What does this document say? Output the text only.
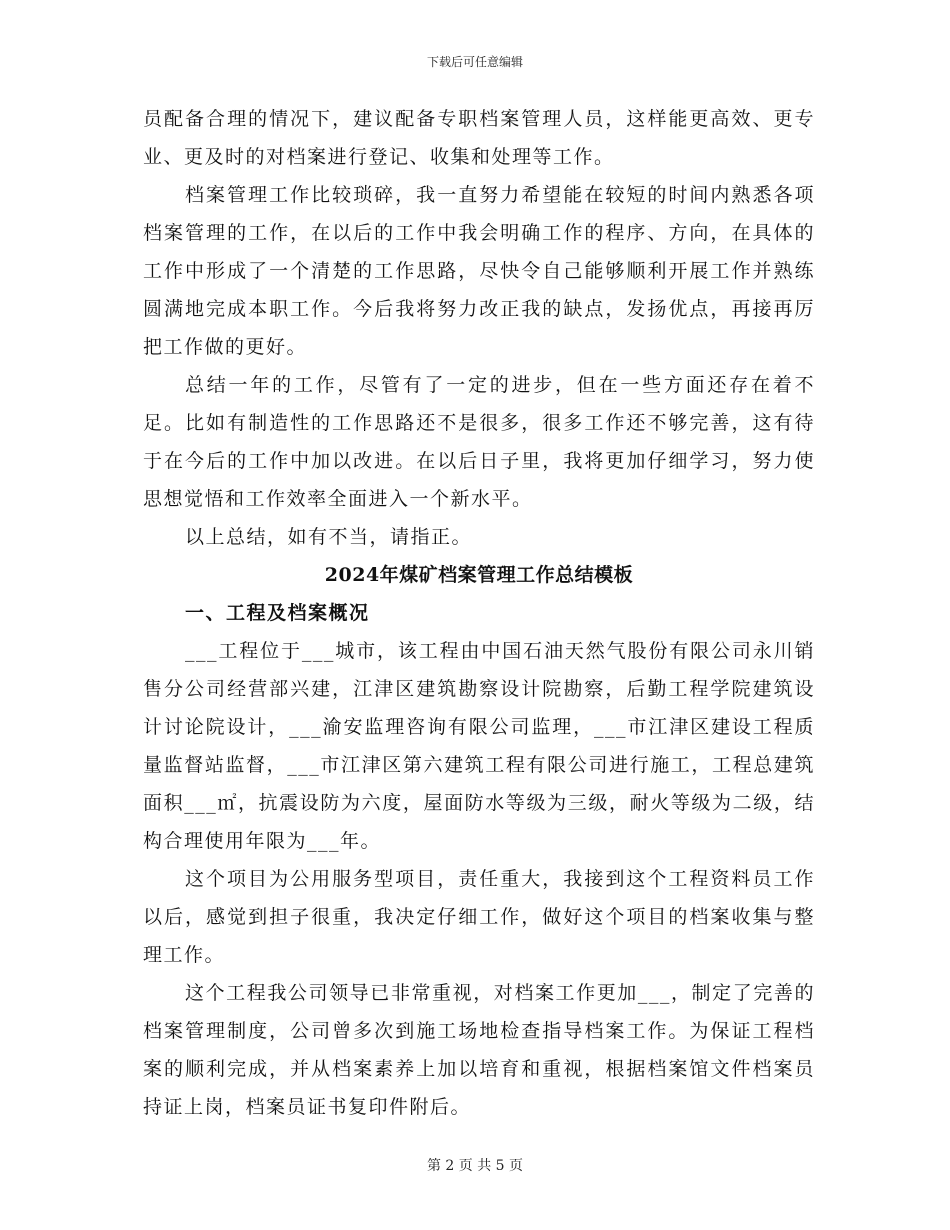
下载后可任意编辑

员配备合理的情况下，建议配备专职档案管理人员，这样能更高效、更专业、更及时的对档案进行登记、收集和处理等工作。

档案管理工作比较琐碎，我一直努力希望能在较短的时间内熟悉各项档案管理的工作，在以后的工作中我会明确工作的程序、方向，在具体的工作中形成了一个清楚的工作思路，尽快令自己能够顺利开展工作并熟练圆满地完成本职工作。今后我将努力改正我的缺点，发扬优点，再接再厉把工作做的更好。

总结一年的工作，尽管有了一定的进步，但在一些方面还存在着不足。比如有制造性的工作思路还不是很多，很多工作还不够完善，这有待于在今后的工作中加以改进。在以后日子里，我将更加仔细学习，努力使思想觉悟和工作效率全面进入一个新水平。

以上总结，如有不当，请指正。

2024年煤矿档案管理工作总结模板
一、工程及档案概况

___工程位于___城市，该工程由中国石油天然气股份有限公司永川销售分公司经营部兴建，江津区建筑勘察设计院勘察，后勤工程学院建筑设计讨论院设计，___渝安监理咨询有限公司监理，___市江津区建设工程质量监督站监督，___市江津区第六建筑工程有限公司进行施工，工程总建筑面积___㎡，抗震设防为六度，屋面防水等级为三级，耐火等级为二级，结构合理使用年限为___年。

这个项目为公用服务型项目，责任重大，我接到这个工程资料员工作以后，感觉到担子很重，我决定仔细工作，做好这个项目的档案收集与整理工作。

这个工程我公司领导已非常重视，对档案工作更加___，制定了完善的档案管理制度，公司曾多次到施工场地检查指导档案工作。为保证工程档案的顺利完成，并从档案素养上加以培育和重视，根据档案馆文件档案员持证上岗，档案员证书复印件附后。

第 2 页 共 5 页
